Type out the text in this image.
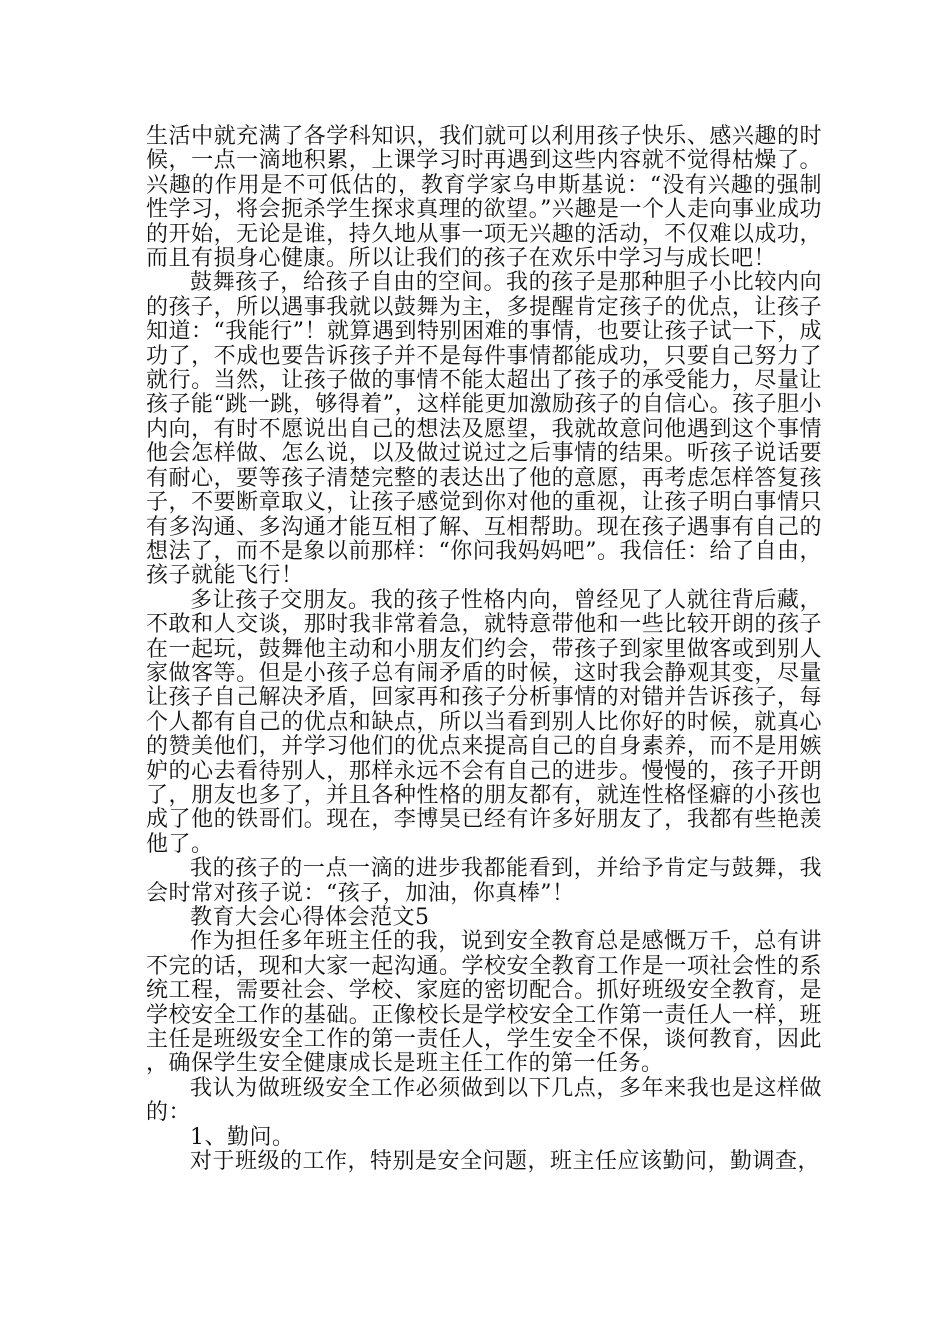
生活中就充满了各学科知识，我们就可以利用孩子快乐、感兴趣的时候，一点一滴地积累，上课学习时再遇到这些内容就不觉得枯燥了。兴趣的作用是不可低估的，教育学家乌申斯基说：“没有兴趣的强制性学习，将会扼杀学生探求真理的欲望。”兴趣是一个人走向事业成功的开始，无论是谁，持久地从事一项无兴趣的活动，不仅难以成功，而且有损身心健康。所以让我们的孩子在欢乐中学习与成长吧！

鼓舞孩子，给孩子自由的空间。我的孩子是那种胆子小比较内向的孩子，所以遇事我就以鼓舞为主，多提醒肯定孩子的优点，让孩子知道：“我能行”！就算遇到特别困难的事情，也要让孩子试一下，成功了，不成也要告诉孩子并不是每件事情都能成功，只要自己努力了就行。当然，让孩子做的事情不能太超出了孩子的承受能力，尽量让孩子能“跳一跳，够得着”，这样能更加激励孩子的自信心。孩子胆小内向，有时不愿说出自己的想法及愿望，我就故意问他遇到这个事情他会怎样做、怎么说，以及做过说过之后事情的结果。听孩子说话要有耐心，要等孩子清楚完整的表达出了他的意愿，再考虑怎样答复孩子，不要断章取义，让孩子感觉到你对他的重视，让孩子明白事情只有多沟通、多沟通才能互相了解、互相帮助。现在孩子遇事有自己的想法了，而不是象以前那样：“你问我妈妈吧”。我信任：给了自由，孩子就能飞行！

多让孩子交朋友。我的孩子性格内向，曾经见了人就往背后藏，不敢和人交谈，那时我非常着急，就特意带他和一些比较开朗的孩子在一起玩，鼓舞他主动和小朋友们约会，带孩子到家里做客或到别人家做客等。但是小孩子总有闹矛盾的时候，这时我会静观其变，尽量让孩子自己解决矛盾，回家再和孩子分析事情的对错并告诉孩子，每个人都有自己的优点和缺点，所以当看到别人比你好的时候，就真心的赞美他们，并学习他们的优点来提高自己的自身素养，而不是用嫉妒的心去看待别人，那样永远不会有自己的进步。慢慢的，孩子开朗了，朋友也多了，并且各种性格的朋友都有，就连性格怪癖的小孩也成了他的铁哥们。现在，李博昊已经有许多好朋友了，我都有些艳羡他了。

我的孩子的一点一滴的进步我都能看到，并给予肯定与鼓舞，我会时常对孩子说：“孩子，加油，你真棒”！

教育大会心得体会范文5

作为担任多年班主任的我，说到安全教育总是感慨万千，总有讲不完的话，现和大家一起沟通。学校安全教育工作是一项社会性的系统工程，需要社会、学校、家庭的密切配合。抓好班级安全教育，是学校安全工作的基础。正像校长是学校安全工作第一责任人一样，班主任是班级安全工作的第一责任人，学生安全不保，谈何教育，因此，确保学生安全健康成长是班主任工作的第一任务。

我认为做班级安全工作必须做到以下几点，多年来我也是这样做的：

1、勤问。

对于班级的工作，特别是安全问题，班主任应该勤问，勤调查，
